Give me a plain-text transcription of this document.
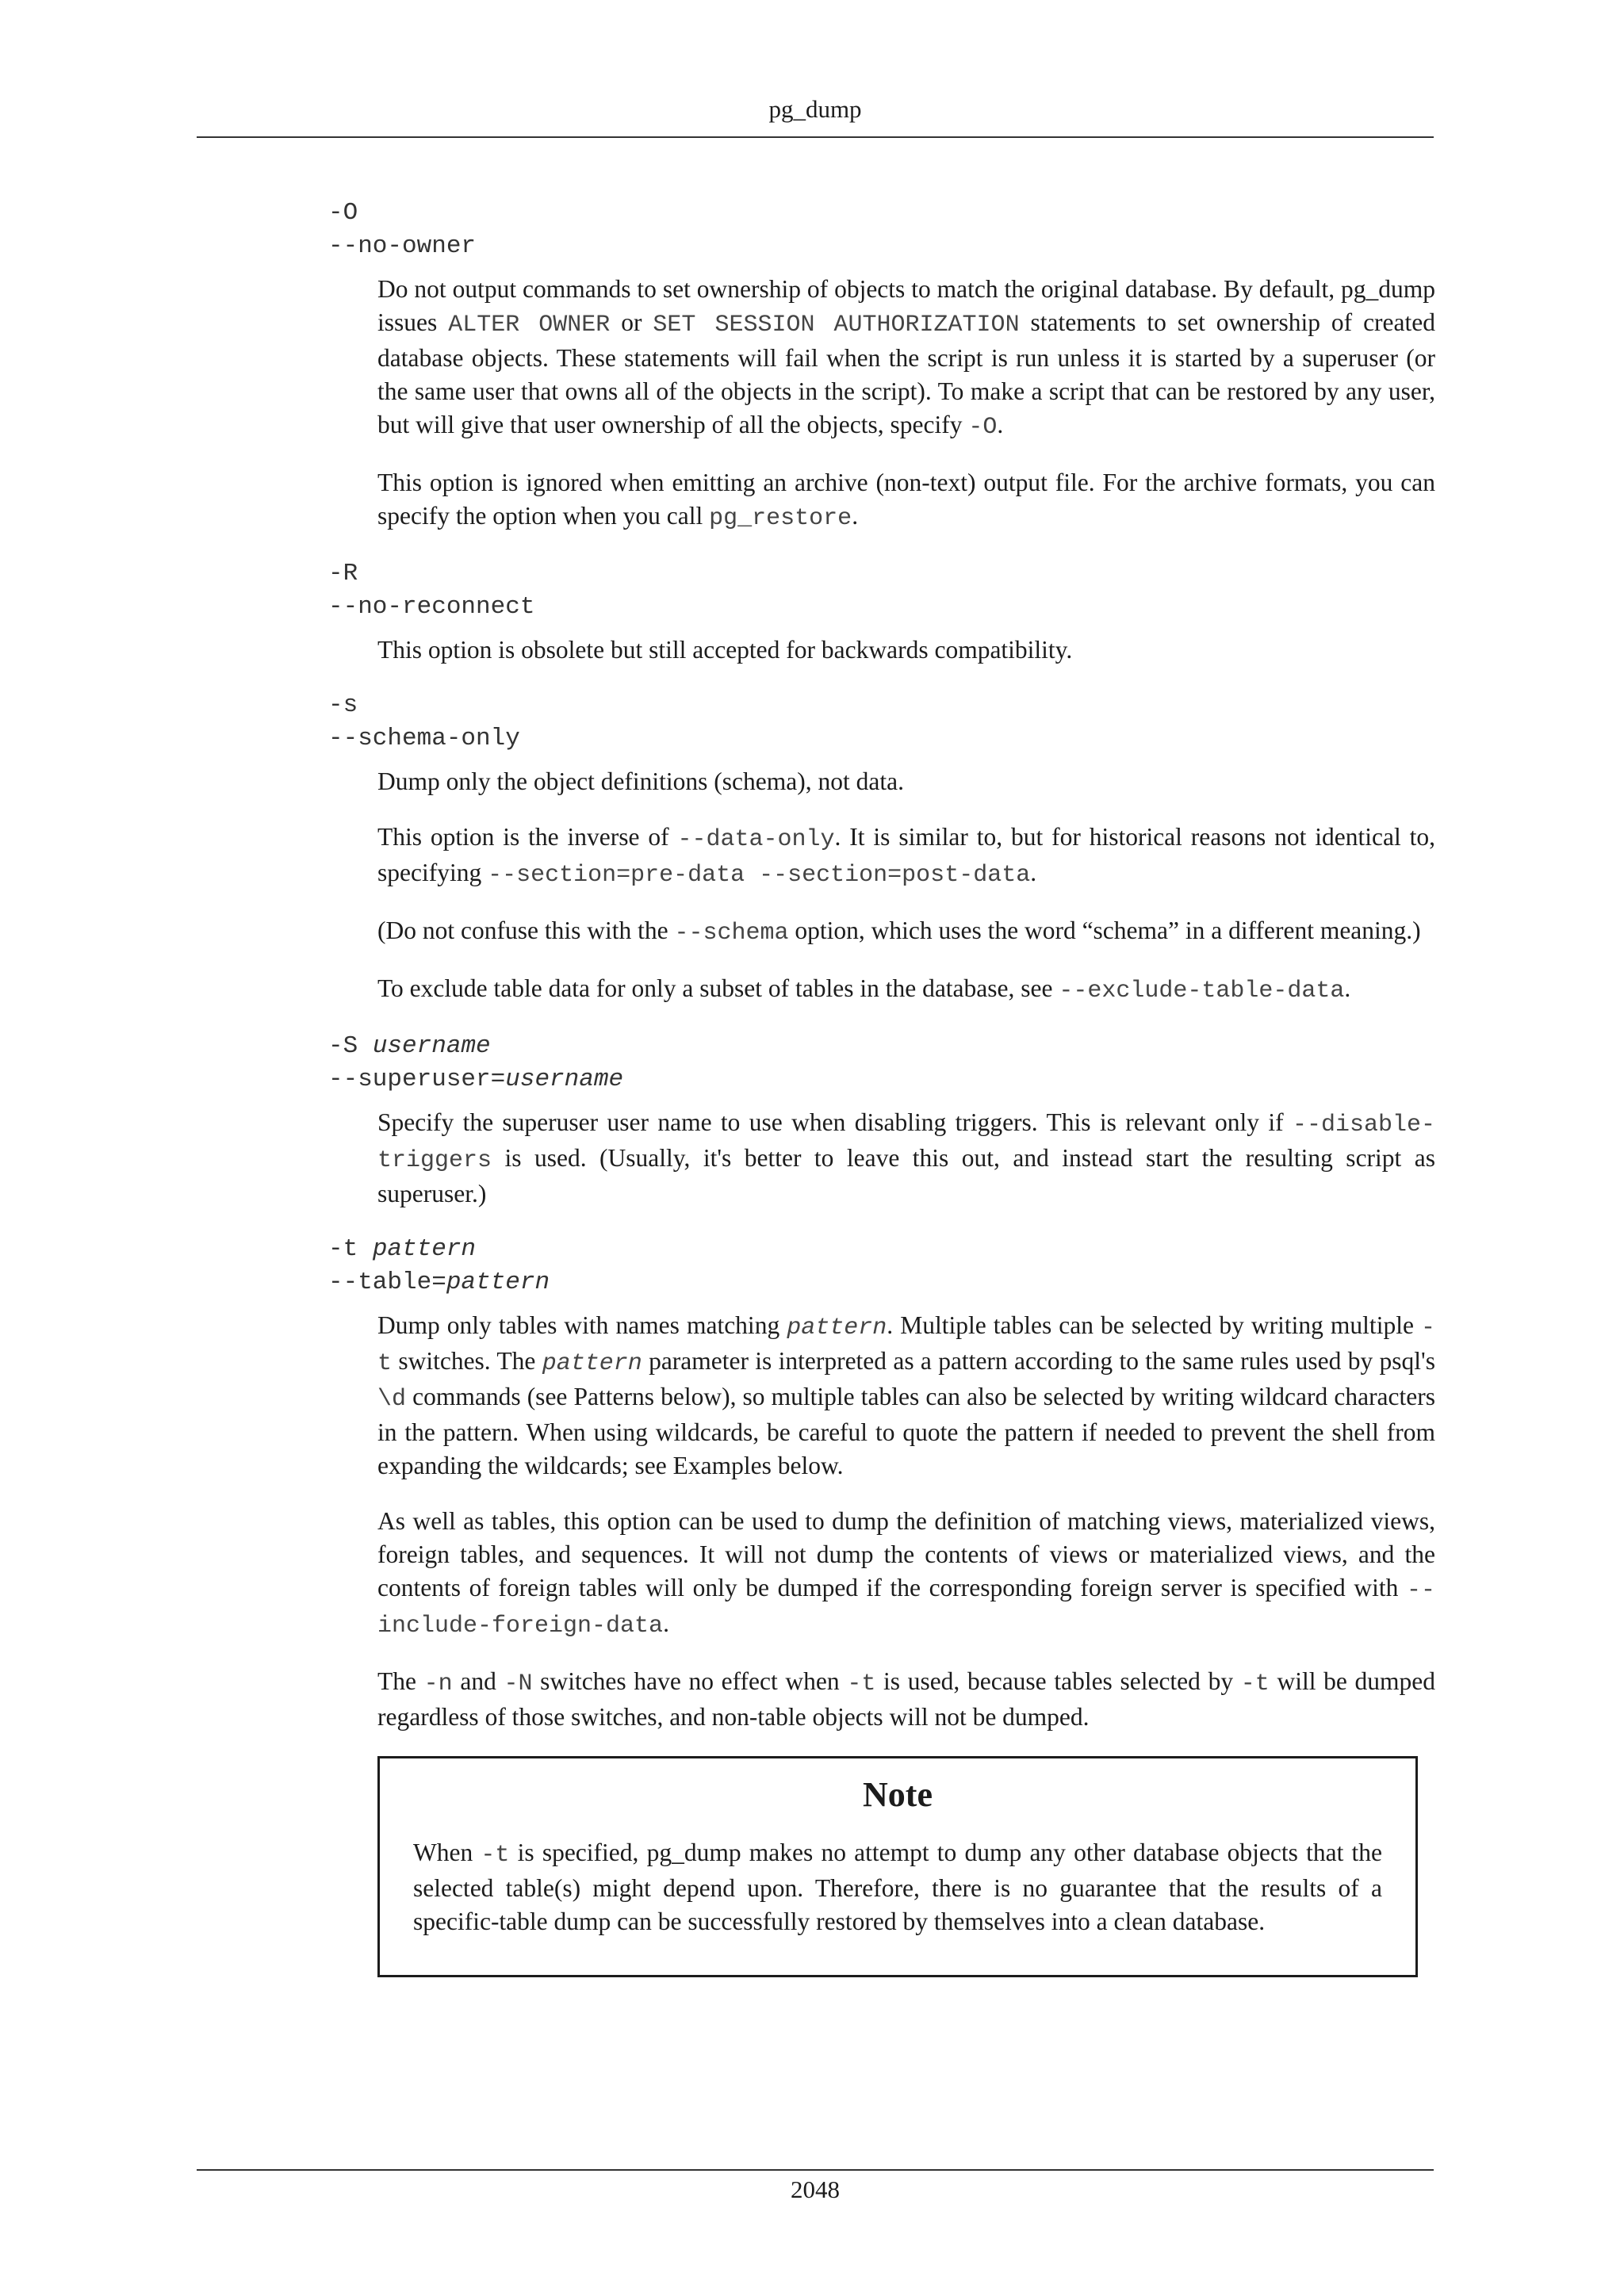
pg_dump
-O
--no-owner

Do not output commands to set ownership of objects to match the original database. By default, pg_dump issues ALTER OWNER or SET SESSION AUTHORIZATION statements to set ownership of created database objects. These statements will fail when the script is run unless it is started by a superuser (or the same user that owns all of the objects in the script). To make a script that can be restored by any user, but will give that user ownership of all the objects, specify -O.

This option is ignored when emitting an archive (non-text) output file. For the archive formats, you can specify the option when you call pg_restore.

-R
--no-reconnect

This option is obsolete but still accepted for backwards compatibility.

-s
--schema-only

Dump only the object definitions (schema), not data.

This option is the inverse of --data-only. It is similar to, but for historical reasons not identical to, specifying --section=pre-data --section=post-data.

(Do not confuse this with the --schema option, which uses the word “schema” in a different meaning.)

To exclude table data for only a subset of tables in the database, see --exclude-table-data.

-S username
--superuser=username

Specify the superuser user name to use when disabling triggers. This is relevant only if --disable-triggers is used. (Usually, it's better to leave this out, and instead start the resulting script as superuser.)

-t pattern
--table=pattern

Dump only tables with names matching pattern. Multiple tables can be selected by writing multiple -t switches. The pattern parameter is interpreted as a pattern according to the same rules used by psql's \d commands (see Patterns below), so multiple tables can also be selected by writing wildcard characters in the pattern. When using wildcards, be careful to quote the pattern if needed to prevent the shell from expanding the wildcards; see Examples below.

As well as tables, this option can be used to dump the definition of matching views, materialized views, foreign tables, and sequences. It will not dump the contents of views or materialized views, and the contents of foreign tables will only be dumped if the corresponding foreign server is specified with --include-foreign-data.

The -n and -N switches have no effect when -t is used, because tables selected by -t will be dumped regardless of those switches, and non-table objects will not be dumped.

Note

When -t is specified, pg_dump makes no attempt to dump any other database objects that the selected table(s) might depend upon. Therefore, there is no guarantee that the results of a specific-table dump can be successfully restored by themselves into a clean database.

2048
